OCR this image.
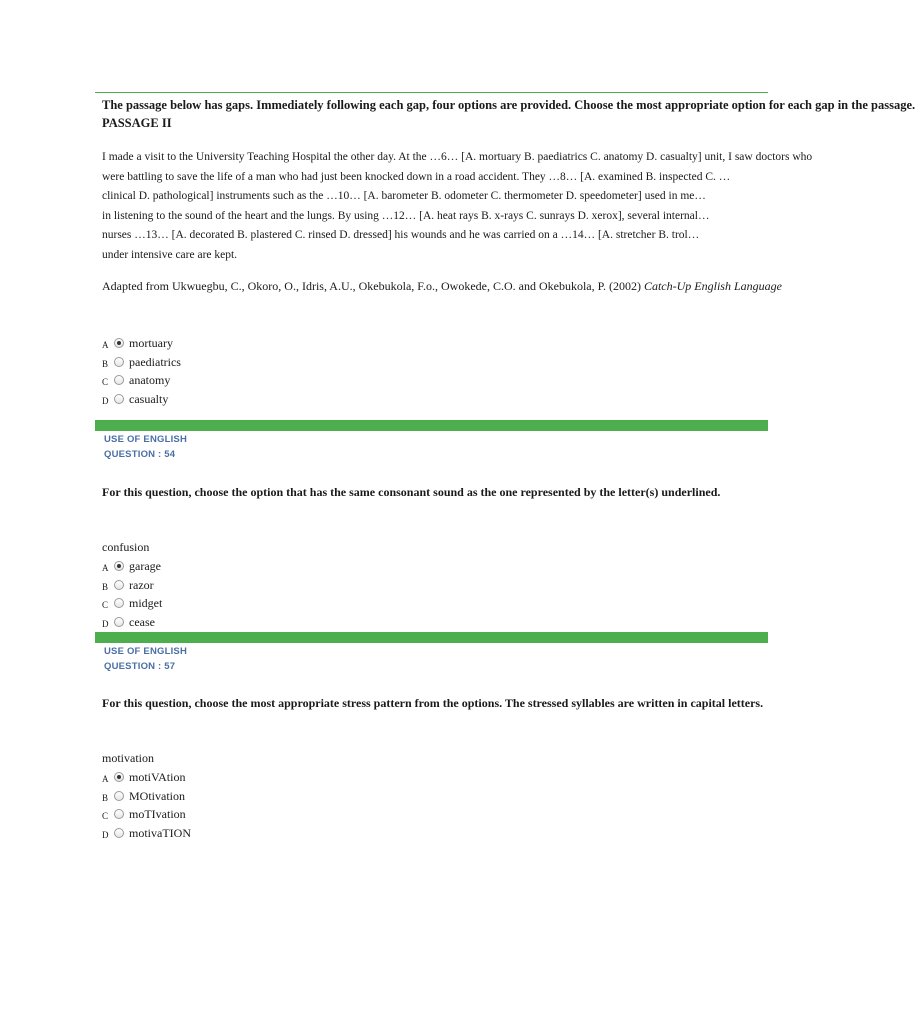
The passage below has gaps. Immediately following each gap, four options are provided. Choose the most appropriate option for each gap in the passage.
PASSAGE II
I made a visit to the University Teaching Hospital the other day. At the …6… [A. mortuary B. paediatrics C. anatomy D. casualty] unit, I saw doctors who
were battling to save the life of a man who had just been knocked down in a road accident. They …8… [A. examined B. inspected C. …
clinical D. pathological] instruments such as the …10… [A. barometer B. odometer C. thermometer D. speedometer] used in me…
in listening to the sound of the heart and the lungs. By using …12… [A. heat rays B. x-rays C. sunrays D. xerox], several internal…
nurses …13… [A. decorated B. plastered C. rinsed D. dressed] his wounds and he was carried on a …14… [A. stretcher B. trol…
under intensive care are kept.
Adapted from Ukwuegbu, C., Okoro, O., Idris, A.U., Okebukola, F.o., Owokede, C.O. and Okebukola, P. (2002) Catch-Up English Language
A	mortuary
B	paediatrics
C	anatomy
D	casualty
USE OF ENGLISH
QUESTION : 54
For this question, choose the option that has the same consonant sound as the one represented by the letter(s) underlined.
confusion
A	garage
B	razor
C	midget
D	cease
USE OF ENGLISH
QUESTION : 57
For this question, choose the most appropriate stress pattern from the options. The stressed syllables are written in capital letters.
motivation
A	motiVAtion
B	MOtivation
C	moTIvation
D	motivaTION
